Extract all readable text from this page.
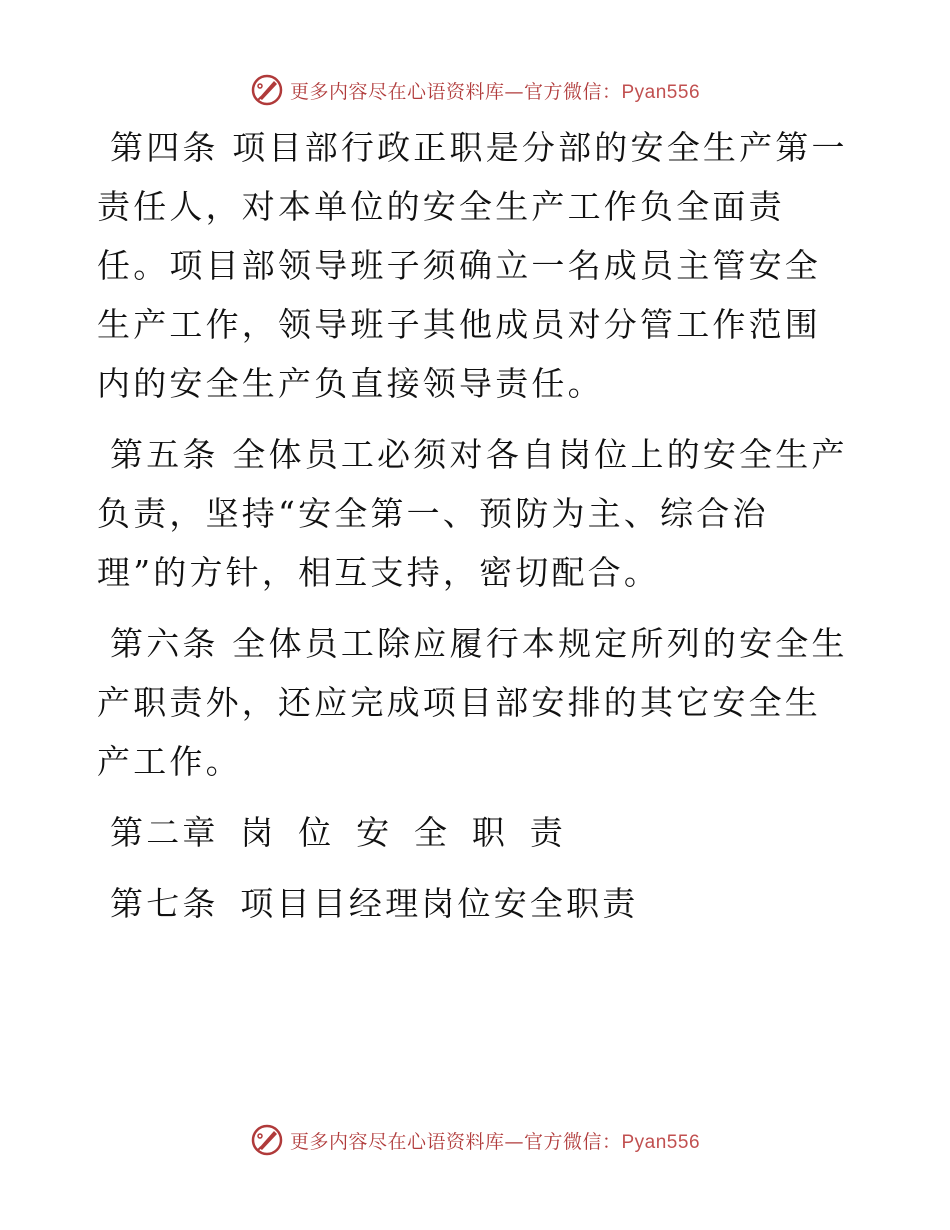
更多内容尽在心语资料库—官方微信：Pyan556

第四条 项目部行政正职是分部的安全生产第一责任人，对本单位的安全生产工作负全面责任。项目部领导班子须确立一名成员主管安全生产工作，领导班子其他成员对分管工作范围内的安全生产负直接领导责任。

第五条 全体员工必须对各自岗位上的安全生产负责，坚持“安全第一、预防为主、综合治理”的方针，相互支持，密切配合。

第六条 全体员工除应履行本规定所列的安全生产职责外，还应完成项目部安排的其它安全生产工作。

第二章 岗 位 安 全 职 责

第七条 项目目经理岗位安全职责

更多内容尽在心语资料库—官方微信：Pyan556
